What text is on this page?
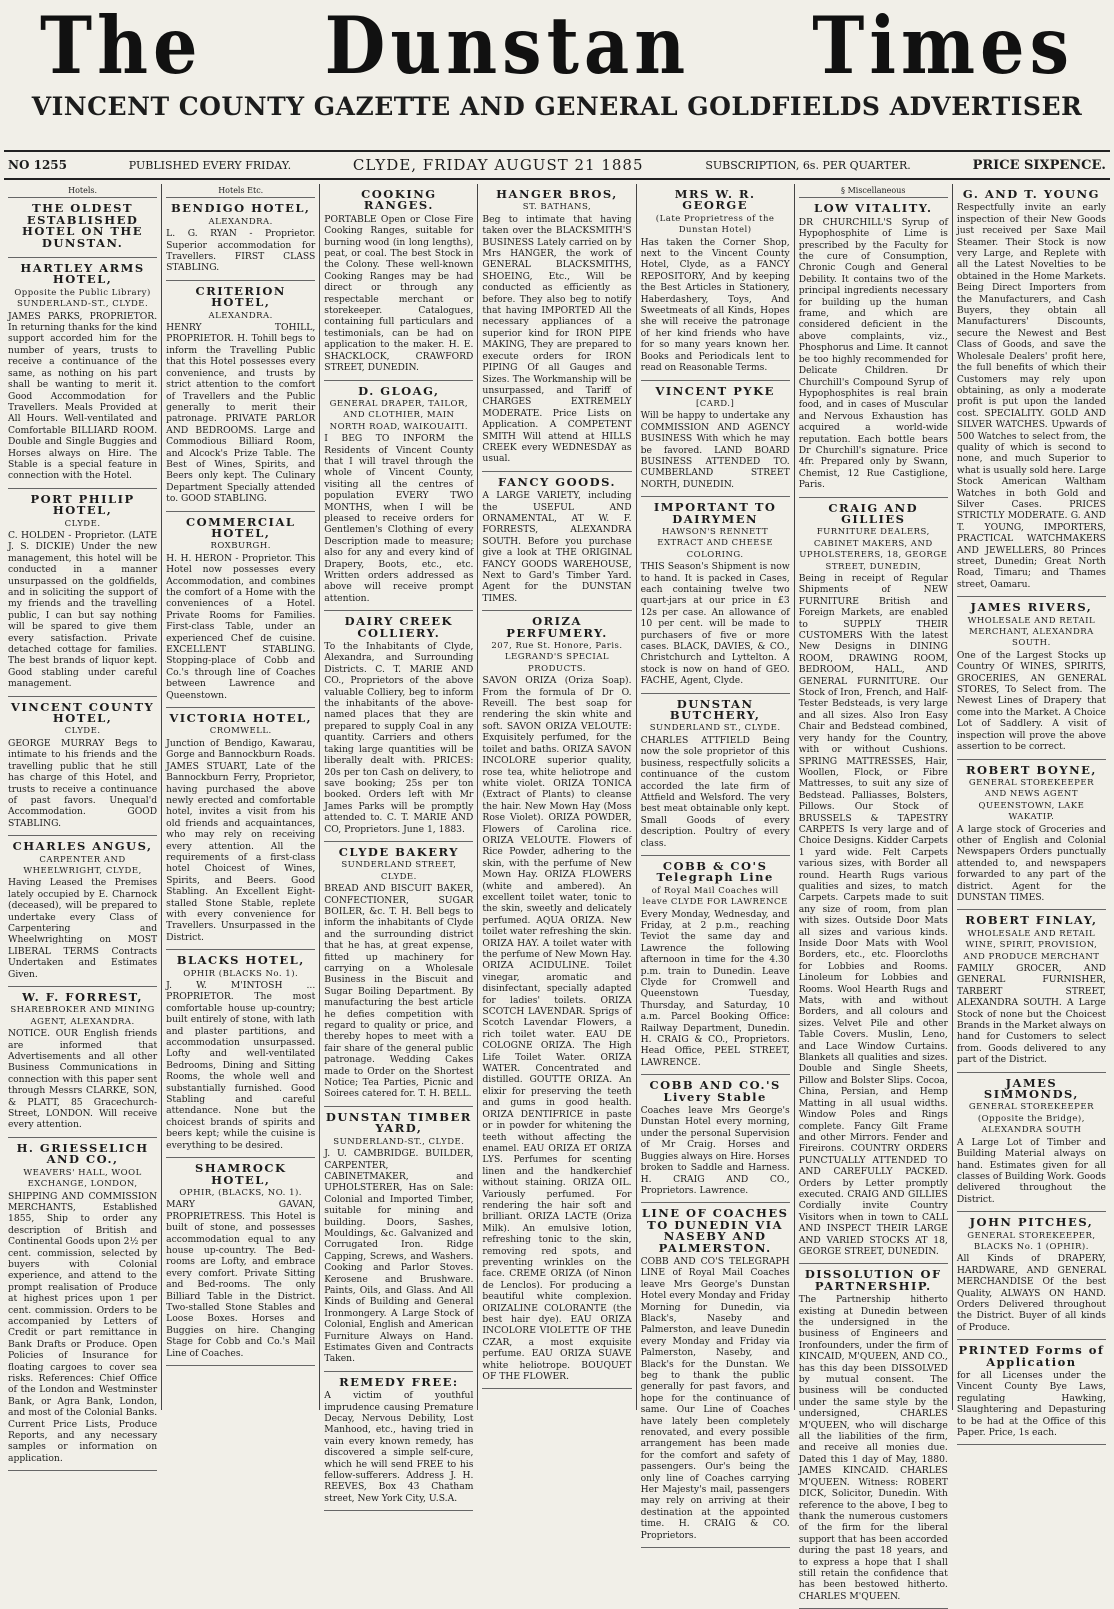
The Dunstan Times
VINCENT COUNTY GAZETTE AND GENERAL GOLDFIELDS ADVERTISER
NO 1255	PUBLISHED EVERY FRIDAY.	CLYDE, FRIDAY AUGUST 21 1885	SUBSCRIPTION, 6s. PER QUARTER.	PRICE SIXPENCE.
Hotels.
THE OLDEST ESTABLISHED HOTEL ON THE DUNSTAN.
HARTLEY ARMS HOTEL,
Opposite the Public Library) SUNDERLAND-ST., CLYDE.
JAMES PARKS, PROPRIETOR. In returning thanks for the kind support accorded him for the number of years, trusts to receive a continuance of the same, as nothing on his part shall be wanting to merit it. Good Accommodation for Travellers. Meals Provided at All Hours. Well-ventilated and Comfortable BILLIARD ROOM. Double and Single Buggies and Horses always on Hire. The Stable is a special feature in connection with the Hotel.
PORT PHILIP HOTEL,
CLYDE.
C. HOLDEN - Proprietor. (LATE J. S. DICKIE) Under the new management, this hotel will be conducted in a manner unsurpassed on the goldfields, and in soliciting the support of my friends and the travelling public, I can but say nothing will be spared to give them every satisfaction. Private detached cottage for families. The best brands of liquor kept. Good stabling under careful management.
VINCENT COUNTY HOTEL,
CLYDE.
GEORGE MURRAY Begs to intimate to his friends and the travelling public that he still has charge of this Hotel, and trusts to receive a continuance of past favors. Unequal'd Accommodation. GOOD STABLING.
CHARLES ANGUS,
CARPENTER AND WHEELWRIGHT, CLYDE,
Having Leased the Premises lately occupied by E. Charnock (deceased), will be prepared to undertake every Class of Carpentering and Wheelwrighting on MOST LIBERAL TERMS Contracts Undertaken and Estimates Given.
W. F. FORREST,
SHAREBROKER AND MINING AGENT, ALEXANDRA.
NOTICE. OUR English friends are informed that Advertisements and all other Business Communications in connection with this paper sent through Messrs CLARKE, SON, & PLATT, 85 Gracechurch-Street, LONDON. Will receive every attention.
H. GRIESSELICH AND CO.,
WEAVERS' HALL, WOOL EXCHANGE, LONDON,
SHIPPING AND COMMISSION MERCHANTS, Established 1855, Ship to order any description of British and Continental Goods upon 2½ per cent. commission, selected by buyers with Colonial experience, and attend to the prompt realisation of Produce at highest prices upon 1 per cent. commission. Orders to be accompanied by Letters of Credit or part remittance in Bank Drafts or Produce. Open Policies of Insurance for floating cargoes to cover sea risks. References: Chief Office of the London and Westminster Bank, or Agra Bank, London, and most of the Colonial Banks. Current Price Lists, Produce Reports, and any necessary samples or information on application.
Hotels Etc.
BENDIGO HOTEL,
ALEXANDRA.
L. G. RYAN - Proprietor. Superior accommodation for Travellers. FIRST CLASS STABLING.
CRITERION HOTEL,
ALEXANDRA.
HENRY TOHILL, PROPRIETOR. H. Tohill begs to inform the Travelling Public that this Hotel possesses every convenience, and trusts by strict attention to the comfort of Travellers and the Public generally to merit their patronage. PRIVATE PARLOR AND BEDROOMS. Large and Commodious Billiard Room, and Alcock's Prize Table. The Best of Wines, Spirits, and Beers only kept. The Culinary Department Specially attended to. GOOD STABLING.
COMMERCIAL HOTEL,
ROXBURGH.
H. H. HERON - Proprietor. This Hotel now possesses every Accommodation, and combines the comfort of a Home with the conveniences of a Hotel. Private Rooms for Families. First-class Table, under an experienced Chef de cuisine. EXCELLENT STABLING. Stopping-place of Cobb and Co.'s through line of Coaches between Lawrence and Queenstown.
VICTORIA HOTEL,
CROMWELL.
Junction of Bendigo, Kawarau, Gorge and Bannockburn Roads. JAMES STUART, Late of the Bannockburn Ferry, Proprietor, having purchased the above newly erected and comfortable hotel, invites a visit from his old friends and acquaintances, who may rely on receiving every attention. All the requirements of a first-class hotel Choicest of Wines, Spirits, and Beers. Good Stabling. An Excellent Eight-stalled Stone Stable, replete with every convenience for Travellers. Unsurpassed in the District.
BLACKS HOTEL,
OPHIR (BLACKS No. 1).
J. W. M'INTOSH ... PROPRIETOR. The most comfortable house up-country; built entirely of stone, with lath and plaster partitions, and accommodation unsurpassed. Lofty and well-ventilated Bedrooms, Dining and Sitting Rooms, the whole well and substantially furnished. Good Stabling and careful attendance. None but the choicest brands of spirits and beers kept; while the cuisine is everything to be desired.
SHAMROCK HOTEL,
OPHIR, (BLACKS, NO. 1).
MARY GAVAN, PROPRIETRESS. This Hotel is built of stone, and possesses accommodation equal to any house up-country. The Bed-rooms are Lofty, and embrace every comfort. Private Sitting and Bed-rooms. The only Billiard Table in the District. Two-stalled Stone Stables and Loose Boxes. Horses and Buggies on hire. Changing Stage for Cobb and Co.'s Mail Line of Coaches.
COOKING RANGES.
PORTABLE Open or Close Fire Cooking Ranges, suitable for burning wood (in long lengths), peat, or coal. The best Stock in the Colony. These well-known Cooking Ranges may be had direct or through any respectable merchant or storekeeper. Catalogues, containing full particulars and testimonials, can be had on application to the maker. H. E. SHACKLOCK, CRAWFORD STREET, DUNEDIN.
D. GLOAG,
GENERAL DRAPER, TAILOR, AND CLOTHIER, MAIN NORTH ROAD, WAIKOUAITI.
I BEG TO INFORM the Residents of Vincent County that I will travel through the whole of Vincent County, visiting all the centres of population EVERY TWO MONTHS, when I will be pleased to receive orders for Gentlemen's Clothing of every Description made to measure; also for any and every kind of Drapery, Boots, etc., etc. Written orders addressed as above will receive prompt attention.
DAIRY CREEK COLLIERY.
To the Inhabitants of Clyde, Alexandra, and Surrounding Districts. C. T. MARIE AND CO., Proprietors of the above valuable Colliery, beg to inform the inhabitants of the above-named places that they are prepared to supply Coal in any quantity. Carriers and others taking large quantities will be liberally dealt with. PRICES: 20s per ton Cash on delivery, to save booking; 25s per ton booked. Orders left with Mr James Parks will be promptly attended to. C. T. MARIE AND CO, Proprietors. June 1, 1883.
CLYDE BAKERY
SUNDERLAND STREET, CLYDE.
BREAD AND BISCUIT BAKER, CONFECTIONER, SUGAR BOILER, &c. T. H. Bell begs to inform the inhabitants of Clyde and the surrounding district that he has, at great expense, fitted up machinery for carrying on a Wholesale Business in the Biscuit and Sugar Boiling Department. By manufacturing the best article he defies competition with regard to quality or price, and thereby hopes to meet with a fair share of the general public patronage. Wedding Cakes made to Order on the Shortest Notice; Tea Parties, Picnic and Soirees catered for. T. H. BELL.
DUNSTAN TIMBER YARD,
SUNDERLAND-ST., CLYDE.
J. U. CAMBRIDGE. BUILDER, CARPENTER, CABINETMAKER, and UPHOLSTERER, Has on Sale: Colonial and Imported Timber, suitable for mining and building. Doors, Sashes, Mouldings, &c. Galvanized and Corrugated Iron. Ridge Capping, Screws, and Washers. Cooking and Parlor Stoves. Kerosene and Brushware. Paints, Oils, and Glass. And All Kinds of Building and General Ironmongery. A Large Stock of Colonial, English and American Furniture Always on Hand. Estimates Given and Contracts Taken.
REMEDY FREE:
A victim of youthful imprudence causing Premature Decay, Nervous Debility, Lost Manhood, etc., having tried in vain every known remedy, has discovered a simple self-cure, which he will send FREE to his fellow-sufferers. Address J. H. REEVES, Box 43 Chatham street, New York City, U.S.A.
HANGER BROS,
ST. BATHANS,
Beg to intimate that having taken over the BLACKSMITH'S BUSINESS Lately carried on by Mrs HANGER, the work of GENERAL BLACKSMITHS, SHOEING, Etc., Will be conducted as efficiently as before. They also beg to notify that having IMPORTED All the necessary appliances of a superior kind for IRON PIPE MAKING, They are prepared to execute orders for IRON PIPING Of all Gauges and Sizes. The Workmanship will be unsurpassed, and Tariff of CHARGES EXTREMELY MODERATE. Price Lists on Application. A COMPETENT SMITH Will attend at HILLS CREEK every WEDNESDAY as usual.
FANCY GOODS.
A LARGE VARIETY, including the USEFUL AND ORNAMENTAL, AT W. F. FORRESTS, ALEXANDRA SOUTH. Before you purchase give a look at THE ORIGINAL FANCY GOODS WAREHOUSE, Next to Gard's Timber Yard. Agent for the DUNSTAN TIMES.
ORIZA PERFUMERY.
207, Rue St. Honore, Paris. LEGRAND'S SPECIAL PRODUCTS.
SAVON ORIZA (Oriza Soap). From the formula of Dr O. Reveill. The best soap for rendering the skin white and soft. SAVON ORIZA VELOUTE: Exquisitely perfumed, for the toilet and baths. ORIZA SAVON INCOLORE superior quality, rose tea, white heliotrope and white violet. ORIZA TONICA (Extract of Plants) to cleanse the hair. New Mown Hay (Moss Rose Violet). ORIZA POWDER, Flowers of Carolina rice. ORIZA VELOUTE. Flowers of Rice Powder, adhering to the skin, with the perfume of New Mown Hay. ORIZA FLOWERS (white and ambered). An excellent toilet water, tonic to the skin, sweetly and delicately perfumed. AQUA ORIZA. New toilet water refreshing the skin. ORIZA HAY. A toilet water with the perfume of New Mown Hay. ORIZA ACIDULINE. Toilet vinegar, aromatic and disinfectant, specially adapted for ladies' toilets. ORIZA SCOTCH LAVENDAR. Sprigs of Scotch Lavendar Flowers, a rich toilet water. EAU DE COLOGNE ORIZA. The High Life Toilet Water. ORIZA WATER. Concentrated and distilled. GOUTTE ORIZA. An elixir for preserving the teeth and gums in good health. ORIZA DENTIFRICE in paste or in powder for whitening the teeth without affecting the enamel. EAU ORIZA ET ORIZA LYS. Perfumes for scenting linen and the handkerchief without staining. ORIZA OIL. Variously perfumed. For rendering the hair soft and brilliant. ORIZA LACTE (Oriza Milk). An emulsive lotion, refreshing tonic to the skin, removing red spots, and preventing wrinkles on the face. CREME ORIZA (of Ninon de Lenclos). For producing a beautiful white complexion. ORIZALINE COLORANTE (the best hair dye). EAU ORIZA INCOLORE VIOLETTE OF THE CZAR, a most exquisite perfume. EAU ORIZA SUAVE white heliotrope. BOUQUET OF THE FLOWER.
MRS W. R. GEORGE
(Late Proprietress of the Dunstan Hotel)
Has taken the Corner Shop, next to the Vincent County Hotel, Clyde, as a FANCY REPOSITORY, And by keeping the Best Articles in Stationery, Haberdashery, Toys, And Sweetmeats of all Kinds, Hopes she will receive the patronage of her kind friends who have for so many years known her. Books and Periodicals lent to read on Reasonable Terms.
VINCENT PYKE
[CARD.]
Will be happy to undertake any COMMISSION AND AGENCY BUSINESS With which he may be favored. LAND BOARD BUSINESS ATTENDED TO. CUMBERLAND STREET NORTH, DUNEDIN.
IMPORTANT TO DAIRYMEN
HAWSON'S RENNETT EXTRACT AND CHEESE COLORING.
THIS Season's Shipment is now to hand. It is packed in Cases, each containing twelve two quart-jars at our price in £3 12s per case. An allowance of 10 per cent. will be made to purchasers of five or more cases. BLACK, DAVIES, & CO., Christchurch and Lyttelton. A stock is now on hand of GEO. FACHE, Agent, Clyde.
DUNSTAN BUTCHERY,
SUNDERLAND ST., CLYDE.
CHARLES ATTFIELD Being now the sole proprietor of this business, respectfully solicits a continuance of the custom accorded the late firm of Attfield and Welsford. The very best meat obtainable only kept. Small Goods of every description. Poultry of every class.
COBB & CO'S Telegraph Line
of Royal Mail Coaches will leave CLYDE FOR LAWRENCE
Every Monday, Wednesday, and Friday, at 2 p.m., reaching Teviot the same day and Lawrence the following afternoon in time for the 4.30 p.m. train to Dunedin. Leave Clyde for Cromwell and Queenstown Tuesday, Thursday, and Saturday, 10 a.m. Parcel Booking Office: Railway Department, Dunedin. H. CRAIG & CO., Proprietors. Head Office, PEEL STREET, LAWRENCE.
COBB AND CO.'S Livery Stable
Coaches leave Mrs George's Dunstan Hotel every morning, under the personal Supervision of Mr Craig. Horses and Buggies always on Hire. Horses broken to Saddle and Harness. H. CRAIG AND CO., Proprietors. Lawrence.
LINE OF COACHES TO DUNEDIN VIA NASEBY AND PALMERSTON.
COBB AND CO'S TELEGRAPH LINE of Royal Mail Coaches leave Mrs George's Dunstan Hotel every Monday and Friday Morning for Dunedin, via Black's, Naseby and Palmerston, and leave Dunedin every Monday and Friday via Palmerston, Naseby, and Black's for the Dunstan. We beg to thank the public generally for past favors, and hope for the continuance of same. Our Line of Coaches have lately been completely renovated, and every possible arrangement has been made for the comfort and safety of passengers. Our's being the only line of Coaches carrying Her Majesty's mail, passengers may rely on arriving at their destination at the appointed time. H. CRAIG & CO. Proprietors.
§ Miscellaneous
LOW VITALITY.
DR CHURCHILL'S Syrup of Hypophosphite of Lime is prescribed by the Faculty for the cure of Consumption, Chronic Cough and General Debility. It contains two of the principal ingredients necessary for building up the human frame, and which are considered deficient in the above complaints, viz., Phosphorus and Lime. It cannot be too highly recommended for Delicate Children. Dr Churchill's Compound Syrup of Hypophosphites is real brain food, and in cases of Muscular and Nervous Exhaustion has acquired a world-wide reputation. Each bottle bears Dr Churchill's signature. Price 4fr. Prepared only by Swann, Chemist, 12 Rue Castiglione, Paris.
CRAIG AND GILLIES
FURNITURE DEALERS, CABINET MAKERS, AND UPHOLSTERERS, 18, GEORGE STREET, DUNEDIN,
Being in receipt of Regular Shipments of NEW FURNITURE British and Foreign Markets, are enabled to SUPPLY THEIR CUSTOMERS With the latest New Designs in DINING ROOM, DRAWING ROOM, BEDROOM, HALL, AND GENERAL FURNITURE. Our Stock of Iron, French, and Half-Tester Bedsteads, is very large and all sizes. Also Iron Easy Chair and Bedstead combined, very handy for the Country, with or without Cushions. SPRING MATTRESSES, Hair, Woollen, Flock, or Fibre Mattresses, to suit any size of Bedstead. Palliasses, Bolsters, Pillows. Our Stock of BRUSSELS & TAPESTRY CARPETS Is very large and of Choice Designs. Kidder Carpets 1 yard wide. Felt Carpets various sizes, with Border all round. Hearth Rugs various qualities and sizes, to match Carpets. Carpets made to suit any size of room, from plan with sizes. Outside Door Mats all sizes and various kinds. Inside Door Mats with Wool Borders, etc., etc. Floorcloths for Lobbies and Rooms. Linoleum for Lobbies and Rooms. Wool Hearth Rugs and Mats, with and without Borders, and all colours and sizes. Velvet Pile and other Table Covers. Muslin, Leno, and Lace Window Curtains. Blankets all qualities and sizes. Double and Single Sheets, Pillow and Bolster Slips. Cocoa, China, Persian, and Hemp Matting in all usual widths. Window Poles and Rings complete. Fancy Gilt Frame and other Mirrors. Fender and Fireirons. COUNTRY ORDERS PUNCTUALLY ATTENDED TO AND CAREFULLY PACKED. Orders by Letter promptly executed. CRAIG AND GILLIES Cordially invite Country Visitors when in town to CALL AND INSPECT THEIR LARGE AND VARIED STOCKS AT 18, GEORGE STREET, DUNEDIN.
DISSOLUTION OF PARTNERSHIP.
The Partnership hitherto existing at Dunedin between the undersigned in the business of Engineers and Ironfounders, under the firm of KINCAID, M'QUEEN, AND CO., has this day been DISSOLVED by mutual consent. The business will be conducted under the same style by the undersigned, CHARLES M'QUEEN, who will discharge all the liabilities of the firm, and receive all monies due. Dated this 1 day of May, 1880. JAMES KINCAID. CHARLES M'QUEEN. Witness: ROBERT DICK, Solicitor, Dunedin. With reference to the above, I beg to thank the numerous customers of the firm for the liberal support that has been accorded during the past 18 years, and to express a hope that I shall still retain the confidence that has been bestowed hitherto. CHARLES M'QUEEN.
G. AND T. YOUNG
Respectfully invite an early inspection of their New Goods just received per Saxe Mail Steamer. Their Stock is now very Large, and Replete with all the Latest Novelties to be obtained in the Home Markets. Being Direct Importers from the Manufacturers, and Cash Buyers, they obtain all Manufacturers' Discounts, secure the Newest and Best Class of Goods, and save the Wholesale Dealers' profit here, the full benefits of which their Customers may rely upon obtaining, as only a moderate profit is put upon the landed cost. SPECIALITY. GOLD AND SILVER WATCHES. Upwards of 500 Watches to select from, the quality of which is second to none, and much Superior to what is usually sold here. Large Stock American Waltham Watches in both Gold and Silver Cases. PRICES STRICTLY MODERATE. G. AND T. YOUNG, IMPORTERS, PRACTICAL WATCHMAKERS AND JEWELLERS, 80 Princes street, Dunedin; Great North Road, Timaru; and Thames street, Oamaru.
JAMES RIVERS,
WHOLESALE AND RETAIL MERCHANT, ALEXANDRA SOUTH.
One of the Largest Stocks up Country Of WINES, SPIRITS, GROCERIES, AN GENERAL STORES, To Select from. The Newest Lines of Drapery that come into the Market. A Choice Lot of Saddlery. A visit of inspection will prove the above assertion to be correct.
ROBERT BOYNE,
GENERAL STOREKEEPER AND NEWS AGENT QUEENSTOWN, LAKE WAKATIP.
A large stock of Groceries and other of English and Colonial Newspapers Orders punctually attended to, and newspapers forwarded to any part of the district. Agent for the DUNSTAN TIMES.
ROBERT FINLAY,
WHOLESALE AND RETAIL WINE, SPIRIT, PROVISION, AND PRODUCE MERCHANT
FAMILY GROCER, AND GENERAL FURNISHER, TARBERT STREET, ALEXANDRA SOUTH. A Large Stock of none but the Choicest Brands in the Market always on hand for Customers to select from. Goods delivered to any part of the District.
JAMES SIMMONDS,
GENERAL STOREKEEPER (Opposite the Bridge), ALEXANDRA SOUTH
A Large Lot of Timber and Building Material always on hand. Estimates given for all classes of Building Work. Goods delivered throughout the District.
JOHN PITCHES,
GENERAL STOREKEEPER, BLACKS No. 1 (OPHIR).
All Kinds of DRAPERY, HARDWARE, AND GENERAL MERCHANDISE Of the best Quality, ALWAYS ON HAND. Orders Delivered throughout the District. Buyer of all kinds of Produce.
PRINTED Forms of Application
for all Licenses under the Vincent County Bye Laws, regulating Hawking, Slaughtering and Depasturing to be had at the Office of this Paper. Price, 1s each.
